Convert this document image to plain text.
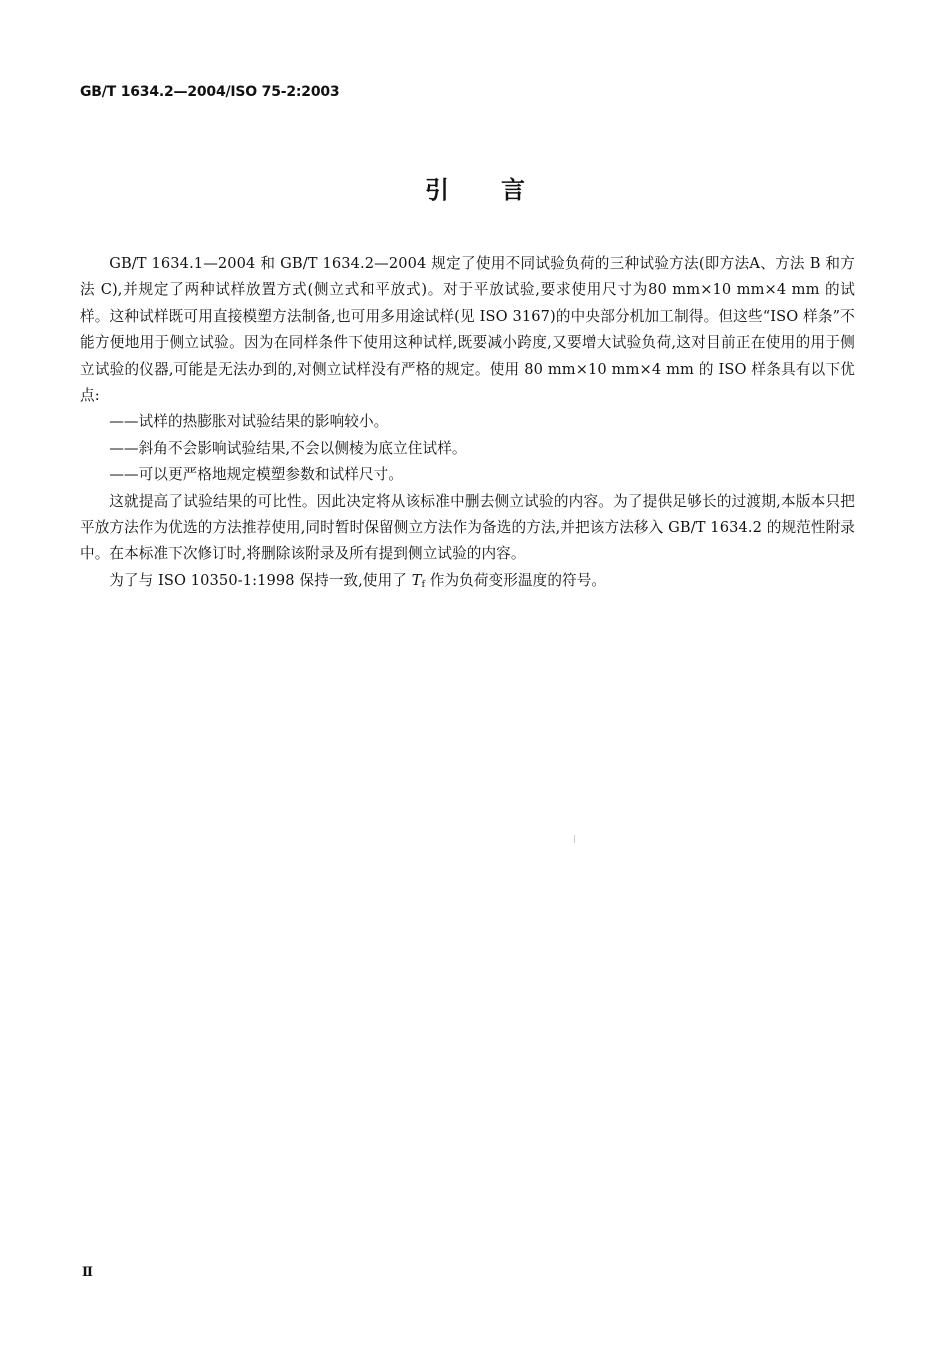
GB/T 1634.2—2004/ISO 75-2:2003
引 言

GB/T 1634.1—2004 和 GB/T 1634.2—2004 规定了使用不同试验负荷的三种试验方法(即方法A、方法 B 和方法 C),并规定了两种试样放置方式(侧立式和平放式)。对于平放试验,要求使用尺寸为80 mm×10 mm×4 mm 的试样。这种试样既可用直接模塑方法制备,也可用多用途试样(见 ISO 3167)的中央部分机加工制得。但这些“ISO 样条”不能方便地用于侧立试验。因为在同样条件下使用这种试样,既要减小跨度,又要增大试验负荷,这对目前正在使用的用于侧立试验的仪器,可能是无法办到的,对侧立试样没有严格的规定。使用 80 mm×10 mm×4 mm 的 ISO 样条具有以下优点:

——试样的热膨胀对试验结果的影响较小。

——斜角不会影响试验结果,不会以侧棱为底立住试样。

——可以更严格地规定模塑参数和试样尺寸。

这就提高了试验结果的可比性。因此决定将从该标准中删去侧立试验的内容。为了提供足够长的过渡期,本版本只把平放方法作为优选的方法推荐使用,同时暂时保留侧立方法作为备选的方法,并把该方法移入 GB/T 1634.2 的规范性附录中。在本标准下次修订时,将删除该附录及所有提到侧立试验的内容。

为了与 ISO 10350-1:1998 保持一致,使用了 $T_f$ 作为负荷变形温度的符号。

Ⅱ
